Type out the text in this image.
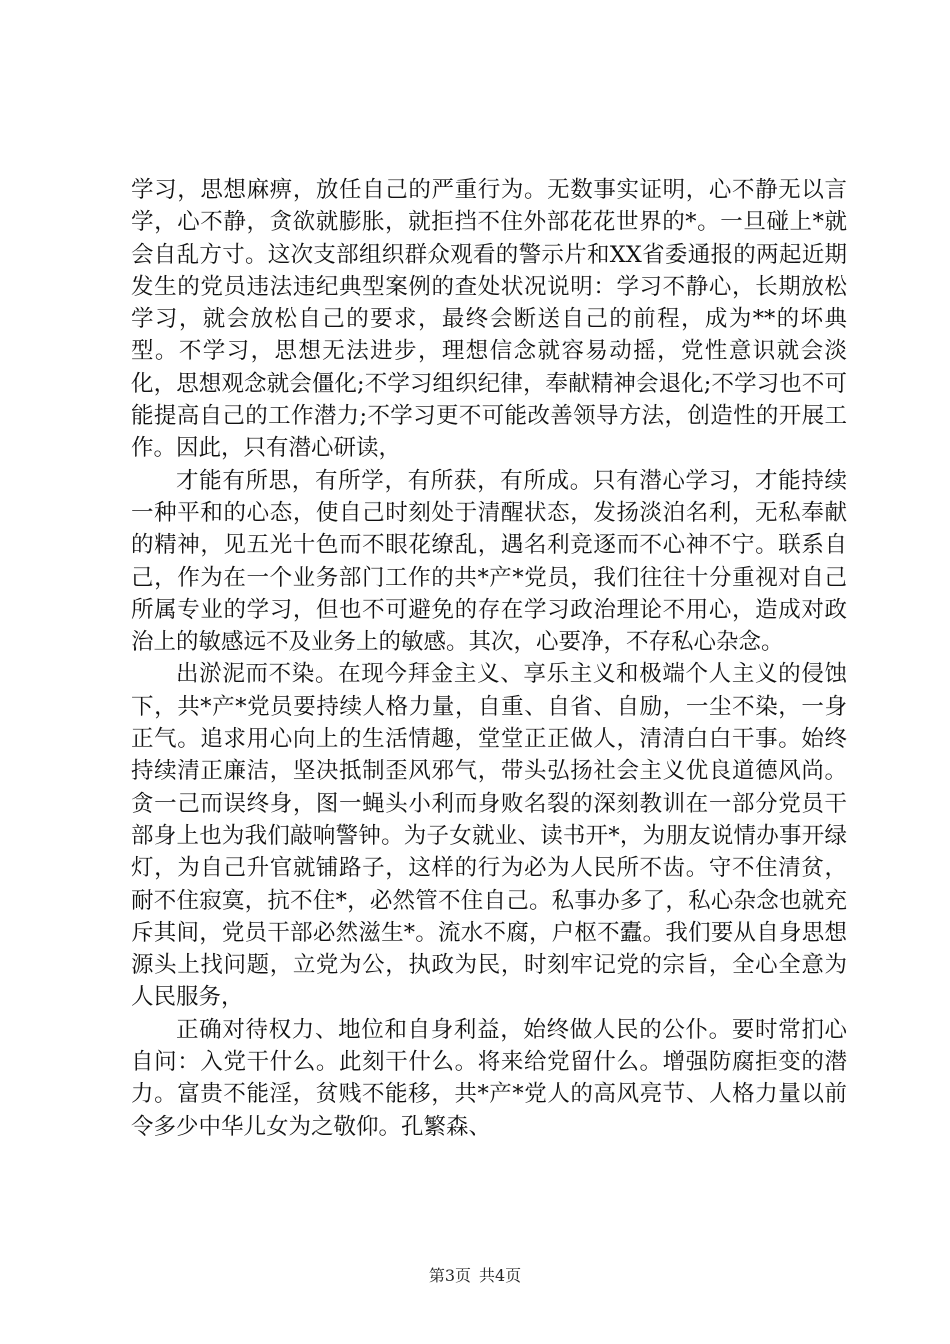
学习，思想麻痹，放任自己的严重行为。无数事实证明，心不静无以言学，心不静，贪欲就膨胀，就拒挡不住外部花花世界的*。一旦碰上*就会自乱方寸。这次支部组织群众观看的警示片和XX省委通报的两起近期发生的党员违法违纪典型案例的查处状况说明：学习不静心，长期放松学习，就会放松自己的要求，最终会断送自己的前程，成为**的坏典型。不学习，思想无法进步，理想信念就容易动摇，党性意识就会淡化，思想观念就会僵化;不学习组织纪律，奉献精神会退化;不学习也不可能提高自己的工作潜力;不学习更不可能改善领导方法，创造性的开展工作。因此，只有潜心研读，

才能有所思，有所学，有所获，有所成。只有潜心学习，才能持续一种平和的心态，使自己时刻处于清醒状态，发扬淡泊名利，无私奉献的精神，见五光十色而不眼花缭乱，遇名利竞逐而不心神不宁。联系自己，作为在一个业务部门工作的共*产*党员，我们往往十分重视对自己所属专业的学习，但也不可避免的存在学习政治理论不用心，造成对政治上的敏感远不及业务上的敏感。其次，心要净，不存私心杂念。

出淤泥而不染。在现今拜金主义、享乐主义和极端个人主义的侵蚀下，共*产*党员要持续人格力量，自重、自省、自励，一尘不染，一身正气。追求用心向上的生活情趣，堂堂正正做人，清清白白干事。始终持续清正廉洁，坚决抵制歪风邪气，带头弘扬社会主义优良道德风尚。贪一己而误终身，图一蝇头小利而身败名裂的深刻教训在一部分党员干部身上也为我们敲响警钟。为子女就业、读书开*，为朋友说情办事开绿灯，为自己升官就铺路子，这样的行为必为人民所不齿。守不住清贫，耐不住寂寞，抗不住*，必然管不住自己。私事办多了，私心杂念也就充斥其间，党员干部必然滋生*。流水不腐，户枢不蠹。我们要从自身思想源头上找问题，立党为公，执政为民，时刻牢记党的宗旨，全心全意为人民服务，

正确对待权力、地位和自身利益，始终做人民的公仆。要时常扪心自问：入党干什么。此刻干什么。将来给党留什么。增强防腐拒变的潜力。富贵不能淫，贫贱不能移，共*产*党人的高风亮节、人格力量以前令多少中华儿女为之敬仰。孔繁森、

第3页 共4页
